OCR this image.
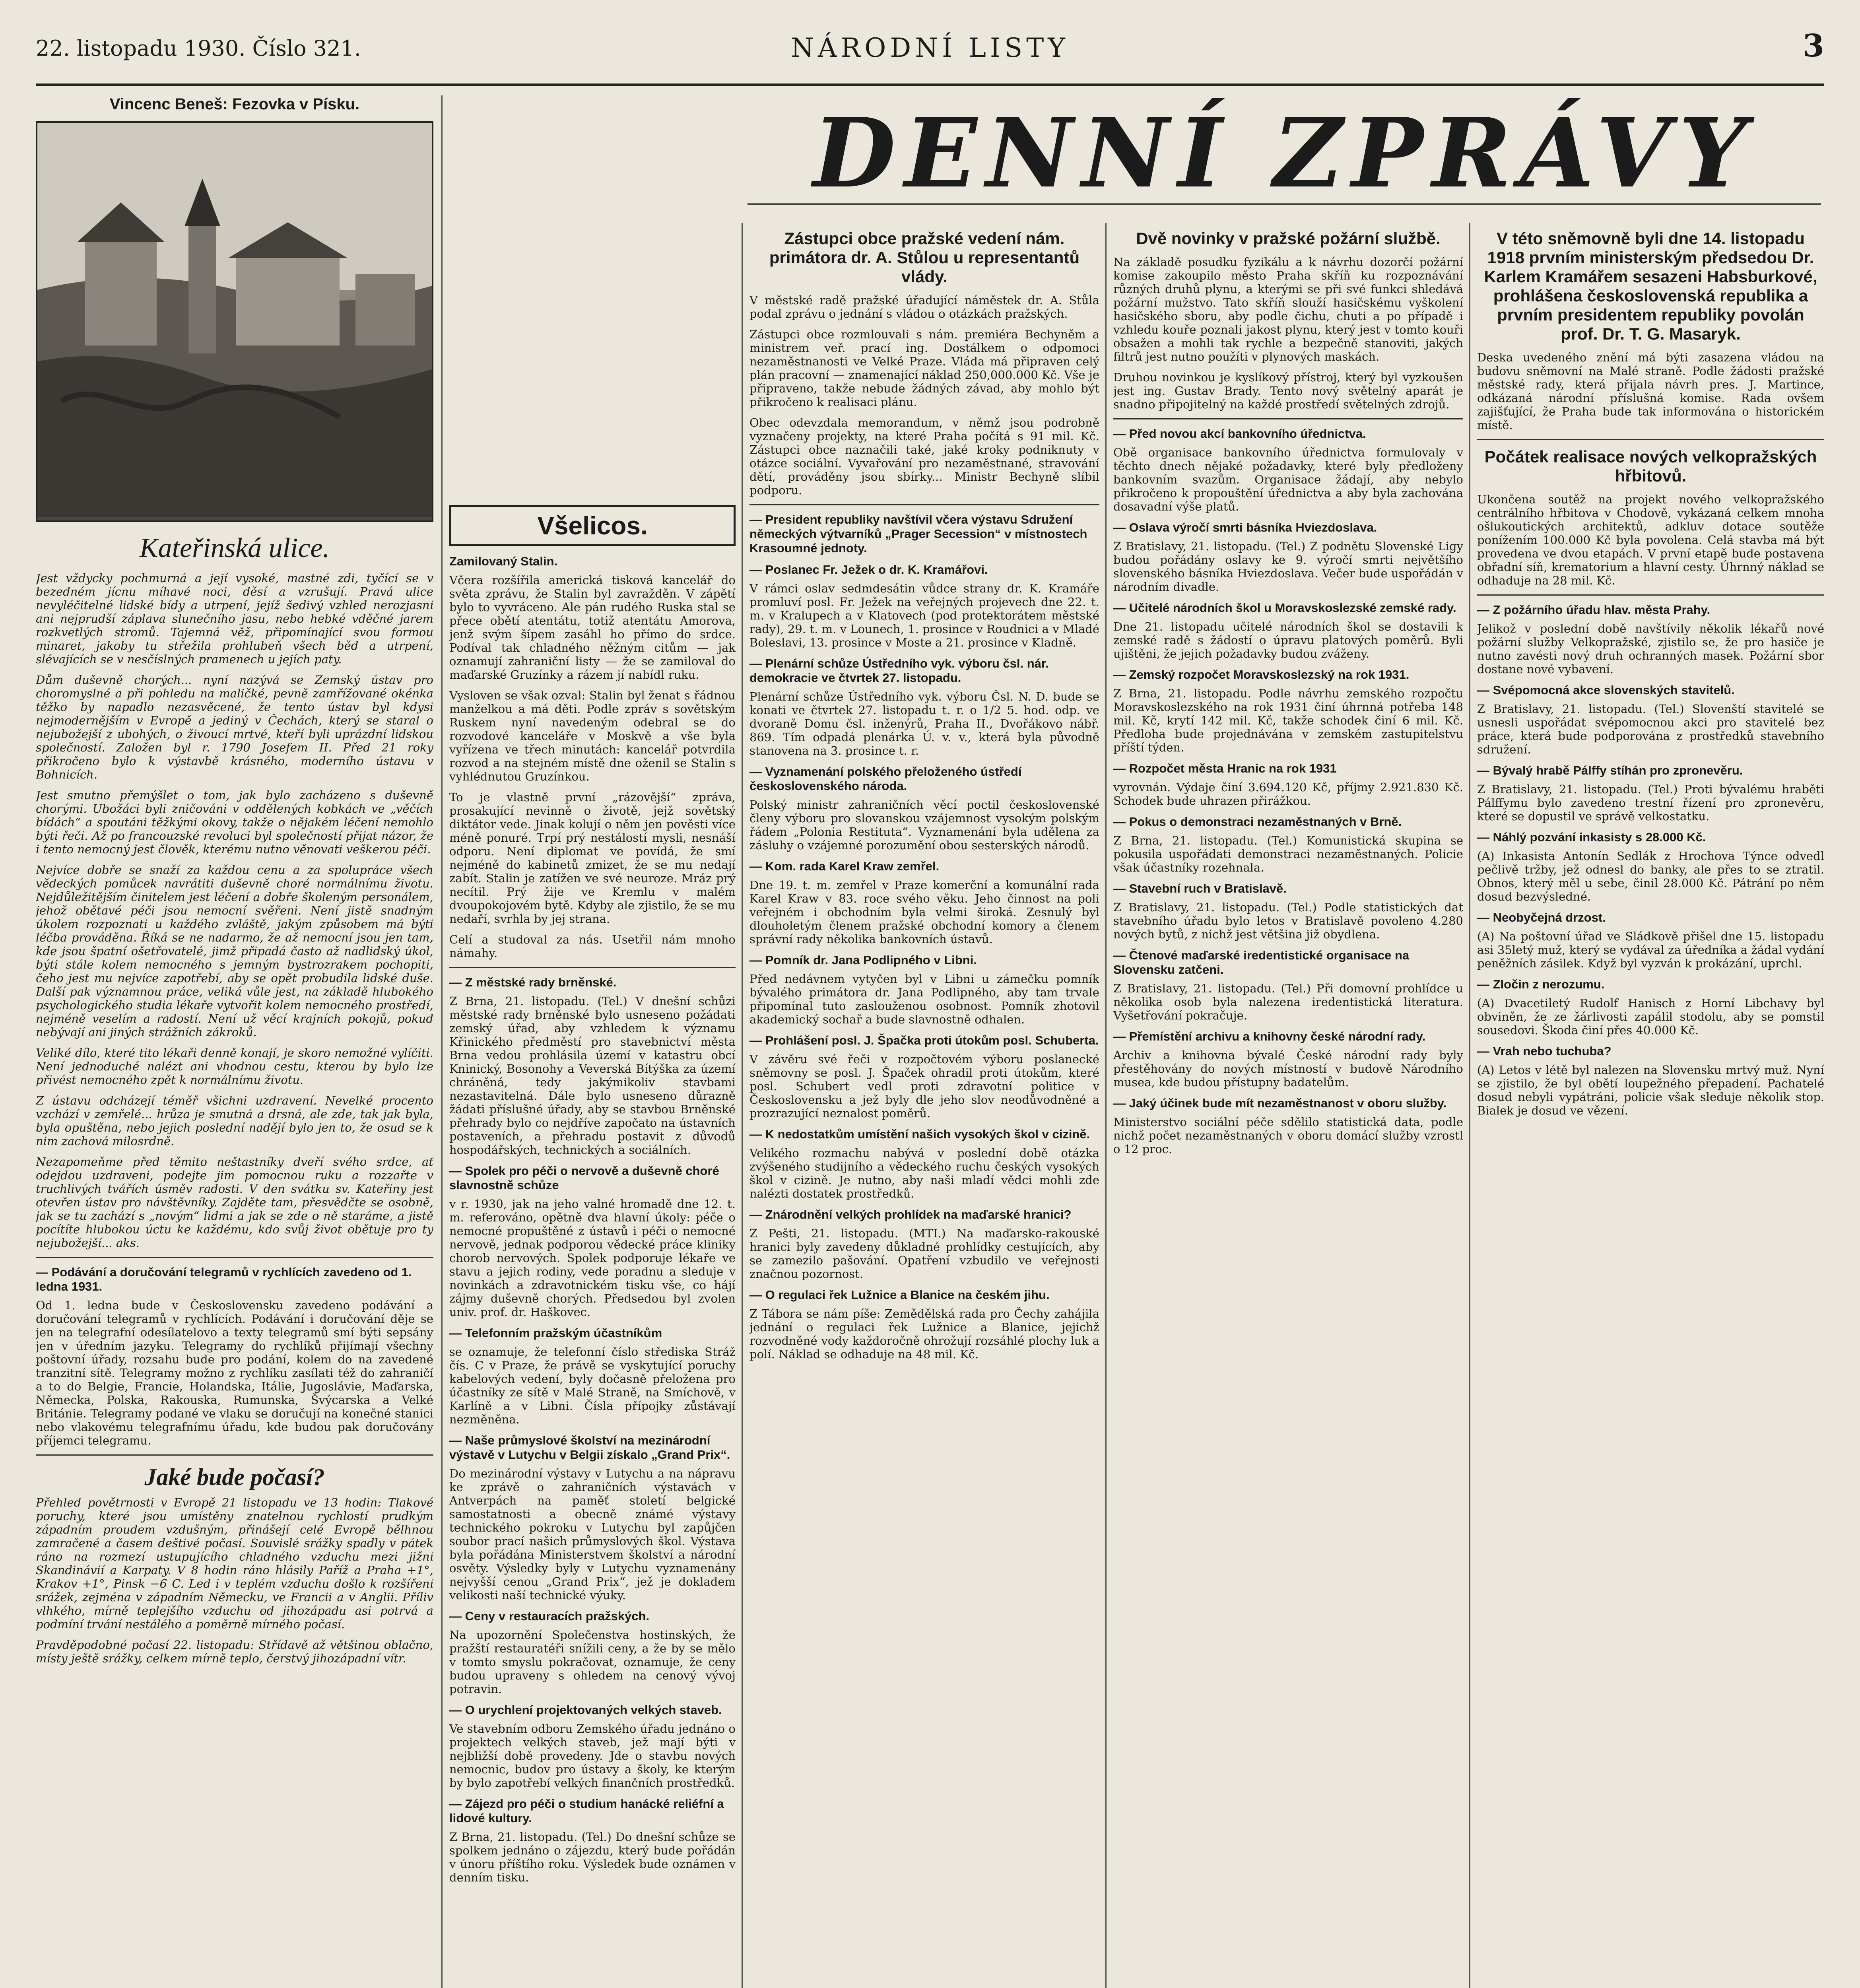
22. listopadu 1930. Číslo 321.	NÁRODNÍ LISTY	3
Vincenc Beneš: Fezovka v Písku.
Kateřinská ulice.

Jest vždycky pochmurná a její vysoké, mastné zdi, tyčící se v bezedném jícnu míhavé noci, děsí a vzrušují. Pravá ulice nevyléčitelné lidské bídy a utrpení, jejíž šedivý vzhled nerozjasní ani nejprudší záplava slunečního jasu, nebo hebké vděčné jarem rozkvetlých stromů. Tajemná věž, připomínající svou formou minaret, jakoby tu střežila prohlubeň všech běd a utrpení, slévajících se v nesčíslných pramenech u jejích paty.

Dům duševně chorých... nyní nazývá se Zemský ústav pro choromyslné a při pohledu na maličké, pevně zamřížované okénka těžko by napadlo nezasvěcené, že tento ústav byl kdysi nejmodernějším v Evropě a jediný v Čechách, který se staral o nejubožejší z ubohých, o živoucí mrtvé, kteří byli uprázdní lidskou společností. Založen byl r. 1790 Josefem II. Před 21 roky přikročeno bylo k výstavbě krásného, moderního ústavu v Bohnicích.

Jest smutno přemýšlet o tom, jak bylo zacházeno s duševně chorými. Ubožáci byli zničováni v oddělených kobkách ve „věčích bídách“ a spoutáni těžkými okovy, takže o nějakém léčení nemohlo býti řeči. Až po francouzské revoluci byl společností přijat názor, že i tento nemocný jest člověk, kterému nutno věnovati veškerou péči.

Nejvíce dobře se snaží za každou cenu a za spolupráce všech vědeckých pomůcek navrátiti duševně choré normálnímu životu. Nejdůležitějším činitelem jest léčení a dobře školeným personálem, jehož obětavé péči jsou nemocní svěřeni. Není jistě snadným úkolem rozpoznati u každého zvláště, jakým způsobem má býti léčba prováděna. Říká se ne nadarmo, že až nemocní jsou jen tam, kde jsou špatní ošetřovatelé, jimž připadá často až nadlidský úkol, býti stále kolem nemocného s jemným bystrozrakem pochopiti, čeho jest mu nejvíce zapotřebí, aby se opět probudila lidské duše. Další pak významnou práce, veliká vůle jest, na základě hlubokého psychologického studia lékaře vytvořit kolem nemocného prostředí, nejméně veselím a radostí. Není už věcí krajních pokojů, pokud nebývají ani jiných strážních zákroků.

Veliké dílo, které tito lékaři denně konají, je skoro nemožné vylíčiti. Není jednoduché nalézt ani vhodnou cestu, kterou by bylo lze přivést nemocného zpět k normálnímu životu.

Z ústavu odcházejí téměř všichni uzdravení. Nevelké procento vzchází v zemřelé... hrůza je smutná a drsná, ale zde, tak jak byla, byla opuštěna, nebo jejich poslední nadějí bylo jen to, že osud se k nim zachová milosrdně.

Nezapomeňme před těmito neštastníky dveří svého srdce, ať odejdou uzdraveni, podejte jim pomocnou ruku a rozzařte v truchlivých tvářích úsměv radosti. V den svátku sv. Kateřiny jest otevřen ústav pro návštěvníky. Zajděte tam, přesvědčte se osobně, jak se tu zachází s „novým“ lidmi a jak se zde o ně staráme, a jistě pocítíte hlubokou úctu ke každému, kdo svůj život obětuje pro ty nejubožejší... aks.

— Podávání a doručování telegramů v rychlících zavedeno od 1. ledna 1931.

Od 1. ledna bude v Československu zavedeno podávání a doručování telegramů v rychlících. Podávání i doručování děje se jen na telegrafní odesílatelovo a texty telegramů smí býti sepsány jen v úředním jazyku. Telegramy do rychlíků přijímají všechny poštovní úřady, rozsahu bude pro podání, kolem do na zavedené tranzitní sítě. Telegramy možno z rychlíku zasílati též do zahraničí a to do Belgie, Francie, Holandska, Itálie, Jugoslávie, Maďarska, Německa, Polska, Rakouska, Rumunska, Švýcarska a Velké Británie. Telegramy podané ve vlaku se doručují na konečné stanici nebo vlakovému telegrafnímu úřadu, kde budou pak doručovány příjemci telegramu.

Jaké bude počasí?

Přehled povětrnosti v Evropě 21 listopadu ve 13 hodin: Tlakové poruchy, které jsou umístěny znatelnou rychlostí prudkým západním proudem vzdušným, přinášejí celé Evropě bělhnou zamračené a časem deštivé počasí. Souvislé srážky spadly v pátek ráno na rozmezí ustupujícího chladného vzduchu mezi jižní Skandinávií a Karpaty. V 8 hodin ráno hlásily Paříž a Praha +1°, Krakov +1°, Pinsk −6 C. Led i v teplém vzduchu došlo k rozšíření srážek, zejména v západním Německu, ve Francii a v Anglii. Příliv vlhkého, mírně teplejšího vzduchu od jihozápadu asi potrvá a podmíní trvání nestálého a poměrně mírného počasí.

Pravděpodobné počasí 22. listopadu: Střídavě až většinou oblačno, místy ještě srážky, celkem mírně teplo, čerstvý jihozápadní vítr.

Všelicos.
Zamilovaný Stalin.

Včera rozšířila americká tisková kancelář do světa zprávu, že Stalin byl zavražděn. V zápětí bylo to vyvráceno. Ale pán rudého Ruska stal se přece obětí atentátu, totiž atentátu Amorova, jenž svým šípem zasáhl ho přímo do srdce. Podíval tak chladného něžným citům — jak oznamují zahraniční listy — že se zamiloval do maďarské Gruzínky a rázem jí nabídl ruku.

Vysloven se však ozval: Stalin byl ženat s řádnou manželkou a má děti. Podle zpráv s sovětským Ruskem nyní navedeným odebral se do rozvodové kanceláře v Moskvě a vše byla vyřízena ve třech minutách: kancelář potvrdila rozvod a na stejném místě dne oženil se Stalin s vyhlédnutou Gruzínkou.

To je vlastně první „rázovější“ zpráva, prosakující nevinně o životě, jejž sovětský diktátor vede. Jinak kolují o něm jen pověsti více méně ponuré. Trpí prý nestálostí mysli, nesnáší odporu. Není diplomat ve povídá, že smí nejméně do kabinetů zmizet, že se mu nedají zabít. Stalin je zatížen ve své neuroze. Mráz prý necítil. Prý žije ve Kremlu v malém dvoupokojovém bytě. Kdyby ale zjistilo, že se mu nedaří, svrhla by jej strana.

Celí a studoval za nás. Usetřil nám mnoho námahy.

— Z městské rady brněnské.

Z Brna, 21. listopadu. (Tel.) V dnešní schůzi městské rady brněnské bylo usneseno požádati zemský úřad, aby vzhledem k významu Křinického předměstí pro stavebnictví města Brna vedou prohlásila území v katastru obcí Kninický, Bosonohy a Veverská Bítýška za území chráněná, tedy jakýmikoliv stavbami nezastavitelná. Dále bylo usneseno důrazně žádati příslušné úřady, aby se stavbou Brněnské přehrady bylo co nejdříve započato na ústavních postaveních, a přehradu postavit z důvodů hospodářských, technických a sociálních.

— Spolek pro péči o nervově a duševně choré slavnostně schůze

v r. 1930, jak na jeho valné hromadě dne 12. t. m. referováno, opětně dva hlavní úkoly: péče o nemocné propuštěné z ústavů i péči o nemocné nervově, jednak podporou vědecké práce kliniky chorob nervových. Spolek podporuje lékaře ve stavu a jejich rodiny, vede poradnu a sleduje v novinkách a zdravotnickém tisku vše, co hájí zájmy duševně chorých. Předsedou byl zvolen univ. prof. dr. Haškovec.

— Telefonním pražským účastníkům

se oznamuje, že telefonní číslo střediska Stráž čís. C v Praze, že právě se vyskytující poruchy kabelových vedení, byly dočasně přeložena pro účastníky ze sítě v Malé Straně, na Smíchově, v Karlíně a v Libni. Čísla přípojky zůstávají nezměněna.

— Naše průmyslové školství na mezinárodní výstavě v Lutychu v Belgii získalo „Grand Prix“.

Do mezinárodní výstavy v Lutychu a na nápravu ke zprávě o zahraničních výstavách v Antverpách na paměť století belgické samostatnosti a obecně známé výstavy technického pokroku v Lutychu byl zapůjčen soubor prací našich průmyslových škol. Výstava byla pořádána Ministerstvem školství a národní osvěty. Výsledky byly v Lutychu vyznamenány nejvyšší cenou „Grand Prix“, jež je dokladem velikosti naší technické výuky.

— Ceny v restauracích pražských.

Na upozornění Společenstva hostinských, že pražští restauratéři snížili ceny, a že by se mělo v tomto smyslu pokračovat, oznamuje, že ceny budou upraveny s ohledem na cenový vývoj potravin.

— O urychlení projektovaných velkých staveb.

Ve stavebním odboru Zemského úřadu jednáno o projektech velkých staveb, jež mají býti v nejbližší době provedeny. Jde o stavbu nových nemocnic, budov pro ústavy a školy, ke kterým by bylo zapotřebí velkých finančních prostředků.

— Zájezd pro péči o studium hanácké reliéfní a lidové kultury.

Z Brna, 21. listopadu. (Tel.) Do dnešní schůze se spolkem jednáno o zájezdu, který bude pořádán v únoru příštího roku. Výsledek bude oznámen v denním tisku.

DENNÍ ZPRÁVY
Zástupci obce pražské vedení nám. primátora dr. A. Stůlou u representantů vlády.

V městské radě pražské úřadující náměstek dr. A. Stůla podal zprávu o jednání s vládou o otázkách pražských.

Zástupci obce rozmlouvali s nám. premiéra Bechyněm a ministrem veř. prací ing. Dostálkem o odpomoci nezaměstnanosti ve Velké Praze. Vláda má připraven celý plán pracovní — znamenající náklad 250,000.000 Kč. Vše je připraveno, takže nebude žádných závad, aby mohlo být přikročeno k realisaci plánu.

Obec odevzdala memorandum, v němž jsou podrobně vyznačeny projekty, na které Praha počítá s 91 mil. Kč. Zástupci obce naznačili také, jaké kroky podniknuty v otázce sociální. Vyvařování pro nezaměstnané, stravování dětí, prováděny jsou sbírky... Ministr Bechyně slíbil podporu.

— President republiky navštívil včera výstavu Sdružení německých výtvarníků „Prager Secession“ v místnostech Krasoumné jednoty.

— Poslanec Fr. Ježek o dr. K. Kramářovi.

V rámci oslav sedmdesátin vůdce strany dr. K. Kramáře promluví posl. Fr. Ježek na veřejných projevech dne 22. t. m. v Kralupech a v Klatovech (pod protektorátem městské rady), 29. t. m. v Lounech, 1. prosince v Roudnici a v Mladé Boleslavi, 13. prosince v Moste a 21. prosince v Kladně.

— Plenární schůze Ústředního vyk. výboru čsl. nár. demokracie ve čtvrtek 27. listopadu.

Plenární schůze Ústředního vyk. výboru Čsl. N. D. bude se konati ve čtvrtek 27. listopadu t. r. o 1/2 5. hod. odp. ve dvoraně Domu čsl. inženýrů, Praha II., Dvořákovo nábř. 869. Tím odpadá plenárka Ú. v. v., která byla původně stanovena na 3. prosince t. r.

— Vyznamenání polského přeloženého ústředí československého národa.

Polský ministr zahraničních věcí poctil československé členy výboru pro slovanskou vzájemnost vysokým polským řádem „Polonia Restituta“. Vyznamenání byla udělena za zásluhy o vzájemné porozumění obou sesterských národů.

— Kom. rada Karel Kraw zemřel.

Dne 19. t. m. zemřel v Praze komerční a komunální rada Karel Kraw v 83. roce svého věku. Jeho činnost na poli veřejném i obchodním byla velmi široká. Zesnulý byl dlouholetým členem pražské obchodní komory a členem správní rady několika bankovních ústavů.

— Pomník dr. Jana Podlipného v Libni.

Před nedávnem vytyčen byl v Libni u zámečku pomník bývalého primátora dr. Jana Podlipného, aby tam trvale připomínal tuto zaslouženou osobnost. Pomník zhotovil akademický sochař a bude slavnostně odhalen.

— Prohlášení posl. J. Špačka proti útokům posl. Schuberta.

V závěru své řeči v rozpočtovém výboru poslanecké sněmovny se posl. J. Špaček ohradil proti útokům, které posl. Schubert vedl proti zdravotní politice v Československu a jež byly dle jeho slov neodůvodněné a prozrazující neznalost poměrů.

— K nedostatkům umístění našich vysokých škol v cizině.

Velikého rozmachu nabývá v poslední době otázka zvýšeného studijního a vědeckého ruchu českých vysokých škol v cizině. Je nutno, aby naši mladí vědci mohli zde nalézti dostatek prostředků.

— Znárodnění velkých prohlídek na maďarské hranici?

Z Pešti, 21. listopadu. (MTI.) Na maďarsko-rakouské hranici byly zavedeny důkladné prohlídky cestujících, aby se zamezilo pašování. Opatření vzbudilo ve veřejnosti značnou pozornost.

— O regulaci řek Lužnice a Blanice na českém jihu.

Z Tábora se nám píše: Zemědělská rada pro Čechy zahájila jednání o regulaci řek Lužnice a Blanice, jejichž rozvodněné vody každoročně ohrožují rozsáhlé plochy luk a polí. Náklad se odhaduje na 48 mil. Kč.

Dvě novinky v pražské požární službě.

Na základě posudku fyzikálu a k návrhu dozorčí požární komise zakoupilo město Praha skříň ku rozpoznávání různých druhů plynu, a kterými se při své funkci shledává požární mužstvo. Tato skříň slouží hasičskému vyškolení hasičského sboru, aby podle čichu, chuti a po případě i vzhledu kouře poznali jakost plynu, který jest v tomto kouři obsažen a mohli tak rychle a bezpečně stanoviti, jakých filtrů jest nutno použíti v plynových maskách.

Druhou novinkou je kyslíkový přístroj, který byl vyzkoušen jest ing. Gustav Brady. Tento nový světelný aparát je snadno připojitelný na každé prostředí světelných zdrojů.

— Před novou akcí bankovního úřednictva.

Obě organisace bankovního úřednictva formulovaly v těchto dnech nějaké požadavky, které byly předloženy bankovním svazům. Organisace žádají, aby nebylo přikročeno k propouštění úřednictva a aby byla zachována dosavadní výše platů.

— Oslava výročí smrti básníka Hviezdoslava.

Z Bratislavy, 21. listopadu. (Tel.) Z podnětu Slovenské Ligy budou pořádány oslavy ke 9. výročí smrti největšího slovenského básníka Hviezdoslava. Večer bude uspořádán v národním divadle.

— Učitelé národních škol u Moravskoslezské zemské rady.

Dne 21. listopadu učitelé národních škol se dostavili k zemské radě s žádostí o úpravu platových poměrů. Byli ujištěni, že jejich požadavky budou zváženy.

— Zemský rozpočet Moravskoslezský na rok 1931.

Z Brna, 21. listopadu. Podle návrhu zemského rozpočtu Moravskoslezského na rok 1931 činí úhrnná potřeba 148 mil. Kč, krytí 142 mil. Kč, takže schodek činí 6 mil. Kč. Předloha bude projednávána v zemském zastupitelstvu příští týden.

— Rozpočet města Hranic na rok 1931

vyrovnán. Výdaje činí 3.694.120 Kč, příjmy 2.921.830 Kč. Schodek bude uhrazen přirážkou.

— Pokus o demonstraci nezaměstnaných v Brně.

Z Brna, 21. listopadu. (Tel.) Komunistická skupina se pokusila uspořádati demonstraci nezaměstnaných. Policie však účastníky rozehnala.

— Stavební ruch v Bratislavě.

Z Bratislavy, 21. listopadu. (Tel.) Podle statistických dat stavebního úřadu bylo letos v Bratislavě povoleno 4.280 nových bytů, z nichž jest většina již obydlena.

— Čtenové maďarské iredentistické organisace na Slovensku zatčeni.

Z Bratislavy, 21. listopadu. (Tel.) Při domovní prohlídce u několika osob byla nalezena iredentistická literatura. Vyšetřování pokračuje.

— Přemístění archivu a knihovny české národní rady.

Archiv a knihovna bývalé České národní rady byly přestěhovány do nových místností v budově Národního musea, kde budou přístupny badatelům.

— Jaký účinek bude mít nezaměstnanost v oboru služby.

Ministerstvo sociální péče sdělilo statistická data, podle nichž počet nezaměstnaných v oboru domácí služby vzrostl o 12 proc.

V této sněmovně byli dne 14. listopadu 1918 prvním ministerským předsedou Dr. Karlem Kramářem sesazeni Habsburkové, prohlášena československá republika a prvním presidentem republiky povolán prof. Dr. T. G. Masaryk.

Deska uvedeného znění má býti zasazena vládou na budovu sněmovní na Malé straně. Podle žádosti pražské městské rady, která přijala návrh pres. J. Martince, odkázaná národní příslušná komise. Rada ovšem zajišťující, že Praha bude tak informována o historickém místě.

Počátek realisace nových velkopražských hřbitovů.

Ukončena soutěž na projekt nového velkopražského centrálního hřbitova v Chodově, vykázaná celkem mnoha ošlukoutických architektů, adkluv dotace soutěže ponížením 100.000 Kč byla povolena. Celá stavba má být provedena ve dvou etapách. V první etapě bude postavena obřadní síň, krematorium a hlavní cesty. Úhrnný náklad se odhaduje na 28 mil. Kč.

— Z požárního úřadu hlav. města Prahy.

Jelikož v poslední době navštívily několik lékařů nové požární služby Velkopražské, zjistilo se, že pro hasiče je nutno zavésti nový druh ochranných masek. Požární sbor dostane nové vybavení.

— Svépomocná akce slovenských stavitelů.

Z Bratislavy, 21. listopadu. (Tel.) Slovenští stavitelé se usnesli uspořádat svépomocnou akci pro stavitelé bez práce, která bude podporována z prostředků stavebního sdružení.

— Bývalý hrabě Pálffy stíhán pro zpronevěru.

Z Bratislavy, 21. listopadu. (Tel.) Proti bývalému hraběti Pálffymu bylo zavedeno trestní řízení pro zpronevěru, které se dopustil ve správě velkostatku.

— Náhlý pozvání inkasisty s 28.000 Kč.

(A) Inkasista Antonín Sedlák z Hrochova Týnce odvedl pečlivě tržby, jež odnesl do banky, ale přes to se ztratil. Obnos, který měl u sebe, činil 28.000 Kč. Pátrání po něm dosud bezvýsledné.

— Neobyčejná drzost.

(A) Na poštovní úřad ve Sládkově přišel dne 15. listopadu asi 35letý muž, který se vydával za úředníka a žádal vydání peněžních zásilek. Když byl vyzván k prokázání, uprchl.

— Zločin z nerozumu.

(A) Dvacetiletý Rudolf Hanisch z Horní Libchavy byl obviněn, že ze žárlivosti zapálil stodolu, aby se pomstil sousedovi. Škoda činí přes 40.000 Kč.

— Vrah nebo tuchuba?

(A) Letos v létě byl nalezen na Slovensku mrtvý muž. Nyní se zjistilo, že byl obětí loupežného přepadení. Pachatelé dosud nebyli vypátráni, policie však sleduje několik stop. Bialek je dosud ve vězení.
